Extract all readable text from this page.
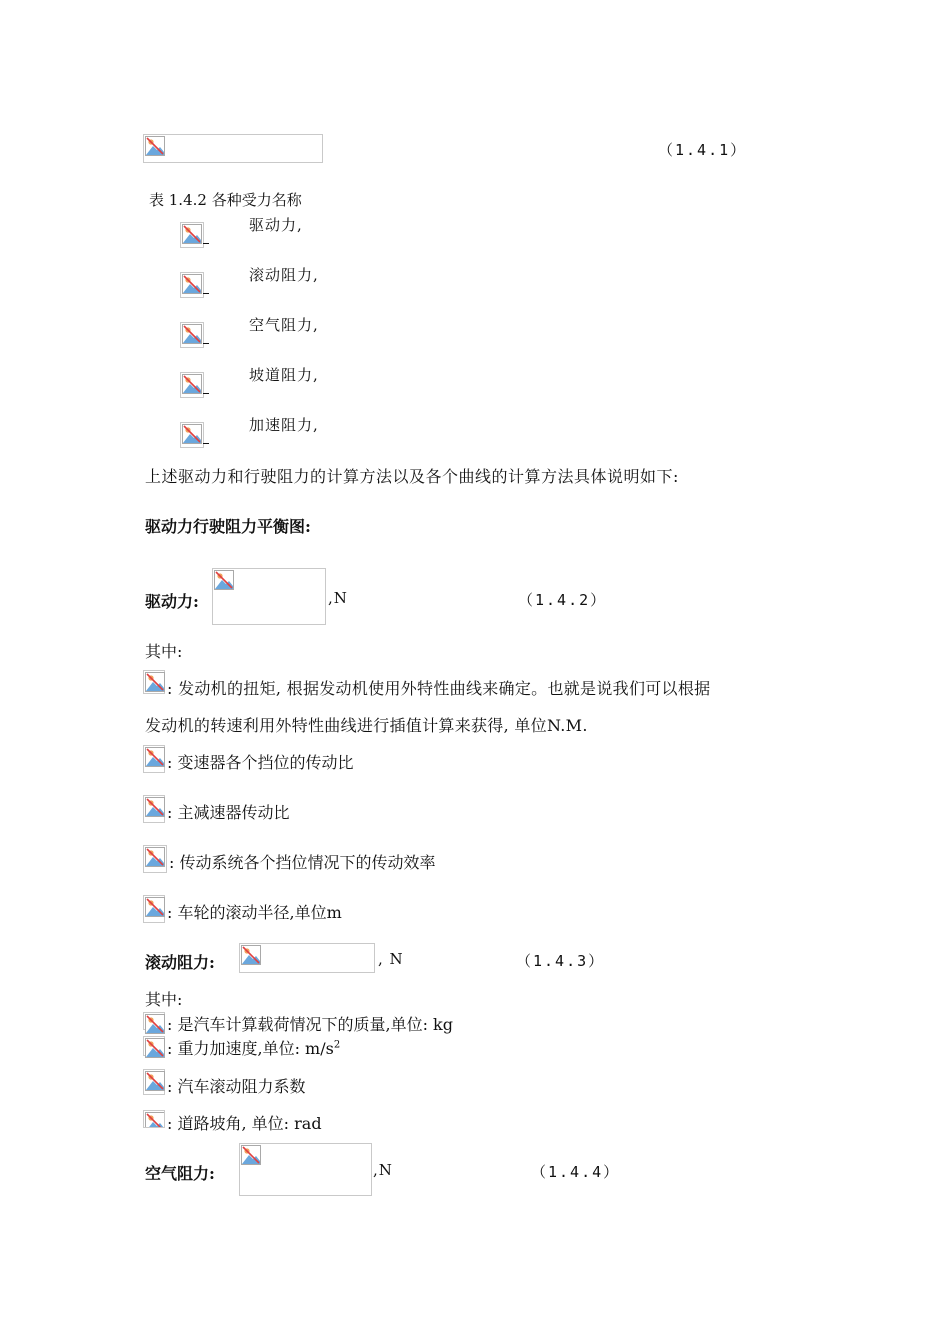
（1.4.1）
表 1.4.2 各种受力名称
驱动力,
滚动阻力,
空气阻力,
坡道阻力,
加速阻力,
上述驱动力和行驶阻力的计算方法以及各个曲线的计算方法具体说明如下:
驱动力行驶阻力平衡图:
驱动力:	,N	（1.4.2）
其中:
: 发动机的扭矩, 根据发动机使用外特性曲线来确定。也就是说我们可以根据
发动机的转速利用外特性曲线进行插值计算来获得, 单位N.M.
: 变速器各个挡位的传动比
: 主减速器传动比
: 传动系统各个挡位情况下的传动效率
: 车轮的滚动半径,单位m
滚动阻力:	, N	（1.4.3）
其中:
: 是汽车计算载荷情况下的质量,单位: kg
: 重力加速度,单位: $m/s^2$
: 汽车滚动阻力系数
: 道路坡角, 单位: rad
空气阻力:	,N	（1.4.4）
